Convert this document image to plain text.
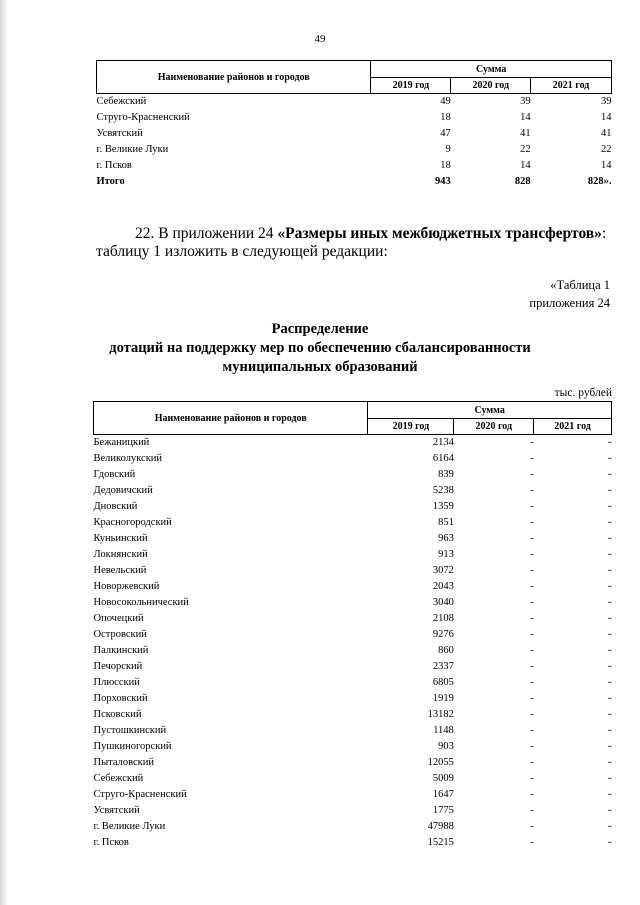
49
Наименование районов и городов	Сумма		
	2019 год	2020 год	2021 год
Себежский	49	39	39
Струго-Красненский	18	14	14
Усвятский	47	41	41
г. Великие Луки	9	22	22
г. Псков	18	14	14
Итого	943	828	828».
22. В приложении 24 «Размеры иных межбюджетных трансфертов»:
таблицу 1 изложить в следующей редакции:
«Таблица 1
приложения 24
Распределение
дотаций на поддержку мер по обеспечению сбалансированности
муниципальных образований
тыс. рублей
Наименование районов и городов	Сумма		
	2019 год	2020 год	2021 год
Бежаницкий	2134	-	-
Великолукский	6164	-	-
Гдовский	839	-	-
Дедовичский	5238	-	-
Дновский	1359	-	-
Красногородский	851	-	-
Куньинский	963	-	-
Локнянский	913	-	-
Невельский	3072	-	-
Новоржевский	2043	-	-
Новосокольнический	3040	-	-
Опочецкий	2108	-	-
Островский	9276	-	-
Палкинский	860	-	-
Печорский	2337	-	-
Плюсский	6805	-	-
Порховский	1919	-	-
Псковский	13182	-	-
Пустошкинский	1148	-	-
Пушкиногорский	903	-	-
Пыталовский	12055	-	-
Себежский	5009	-	-
Струго-Красненский	1647	-	-
Усвятский	1775	-	-
г. Великие Луки	47988	-	-
г. Псков	15215	-	-
